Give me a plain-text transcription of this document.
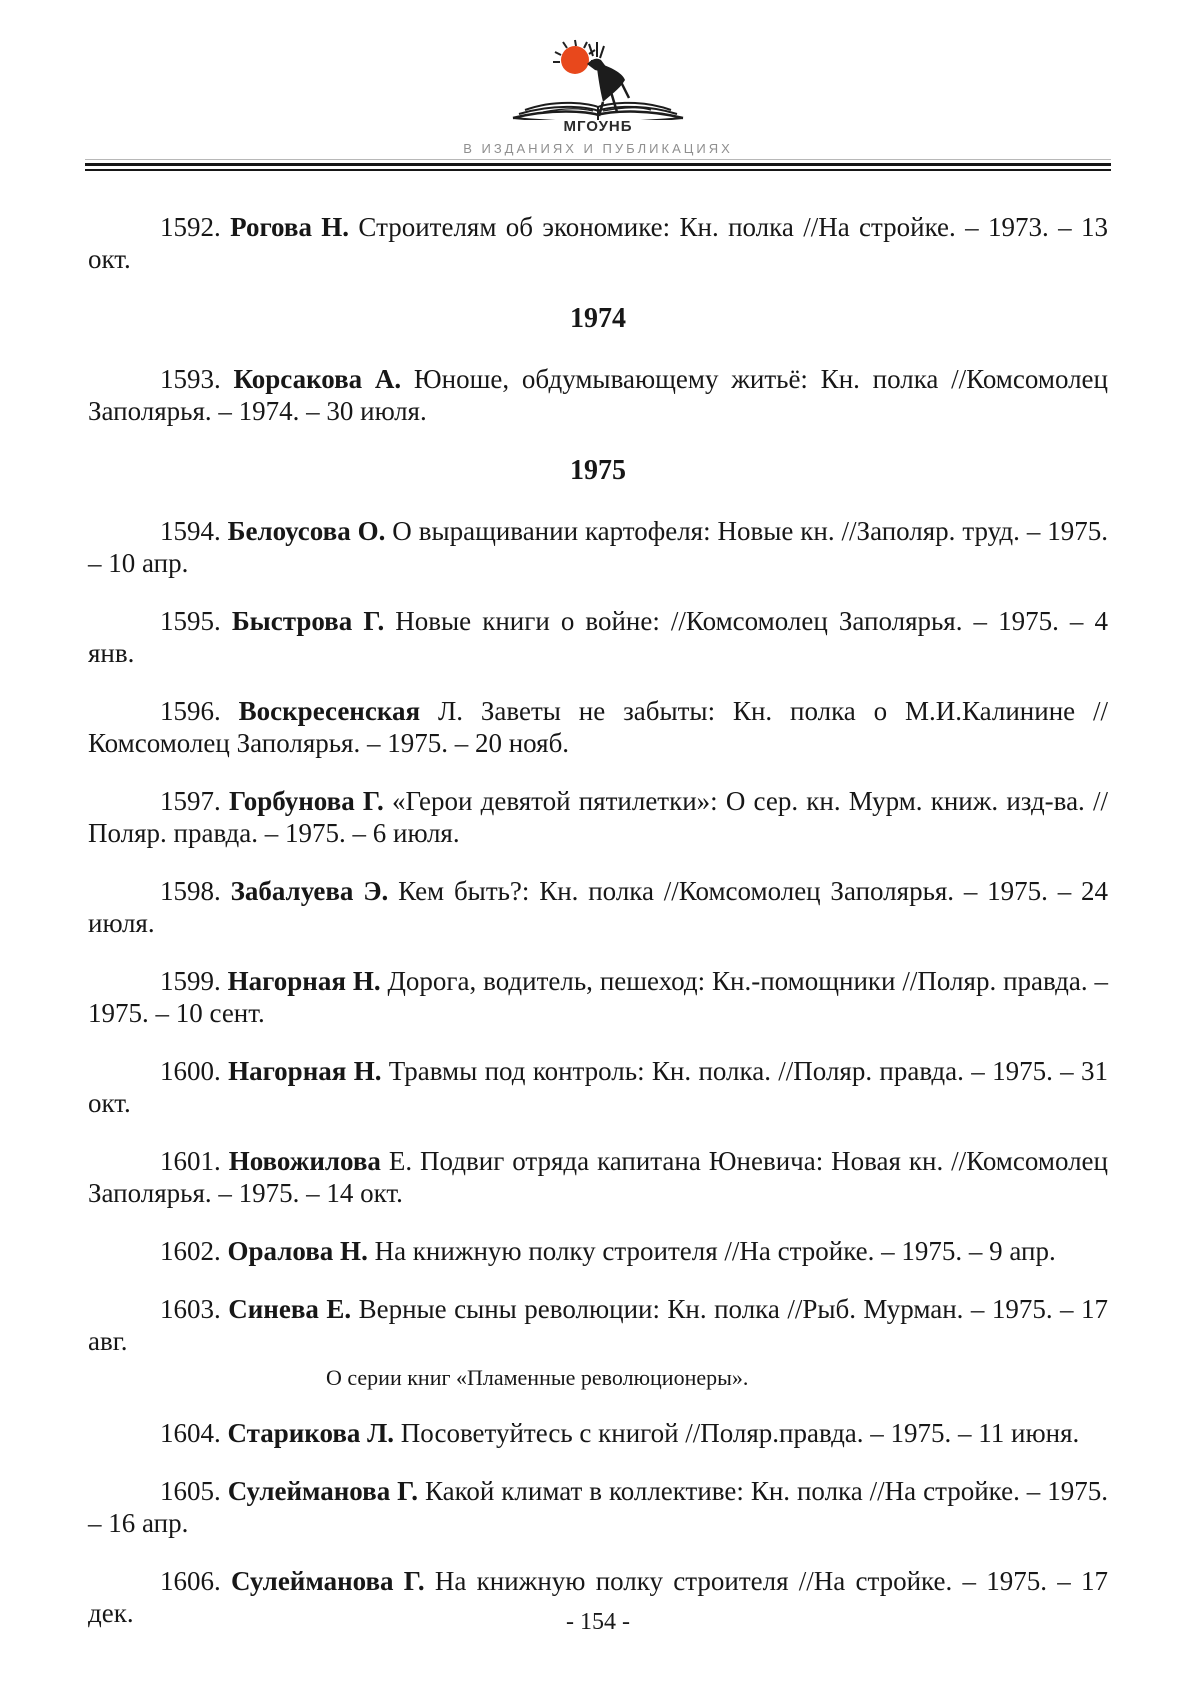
МГОУНБ
В ИЗДАНИЯХ И ПУБЛИКАЦИЯХ

1592. Рогова Н. Строителям об экономике: Кн. полка //На стройке. – 1973. – 13 окт.

1974

1593. Корсакова А. Юноше, обдумывающему житьё: Кн. полка //Комсомолец Заполярья. – 1974. – 30 июля.

1975

1594. Белоусова О. О выращивании картофеля: Новые кн. //Заполяр. труд. – 1975. – 10 апр.

1595. Быстрова Г. Новые книги о войне: //Комсомолец Заполярья. – 1975. – 4 янв.

1596. Воскресенская Л. Заветы не забыты: Кн. полка о М.И.Калинине //Комсомолец Заполярья. – 1975. – 20 нояб.

1597. Горбунова Г. «Герои девятой пятилетки»: О сер. кн. Мурм. книж. изд-ва. //Поляр. правда. – 1975. – 6 июля.

1598. Забалуева Э. Кем быть?: Кн. полка //Комсомолец Заполярья. – 1975. – 24 июля.

1599. Нагорная Н. Дорога, водитель, пешеход: Кн.-помощники //Поляр. правда. – 1975. – 10 сент.

1600. Нагорная Н. Травмы под контроль: Кн. полка. //Поляр. правда. – 1975. – 31 окт.

1601. Новожилова Е. Подвиг отряда капитана Юневича: Новая кн. //Комсомолец Заполярья. – 1975. – 14 окт.

1602. Оралова Н. На книжную полку строителя //На стройке. – 1975. – 9 апр.

1603. Синева Е. Верные сыны революции: Кн. полка //Рыб. Мурман. – 1975. – 17 авг.

О серии книг «Пламенные революционеры».

1604. Старикова Л. Посоветуйтесь с книгой //Поляр.правда. – 1975. – 11 июня.

1605. Сулейманова Г. Какой климат в коллективе: Кн. полка //На стройке. – 1975. – 16 апр.

1606. Сулейманова Г. На книжную полку строителя //На стройке. – 1975. – 17 дек.	- 154 -
